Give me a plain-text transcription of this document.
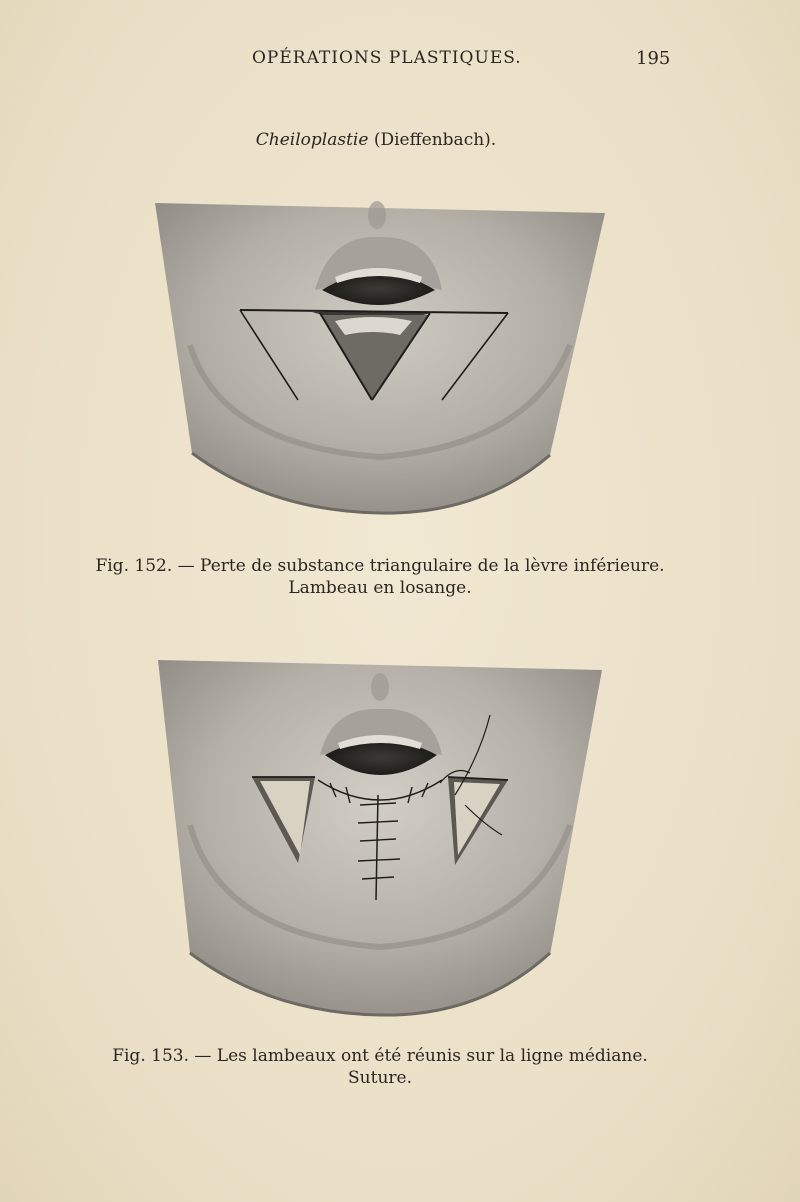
OPÉRATIONS PLASTIQUES.	195
Cheiloplastie (Dieffenbach).
Fig. 152. — Perte de substance triangulaire de la lèvre inférieure.
Lambeau en losange.
Fig. 153. — Les lambeaux ont été réunis sur la ligne médiane.
Suture.
